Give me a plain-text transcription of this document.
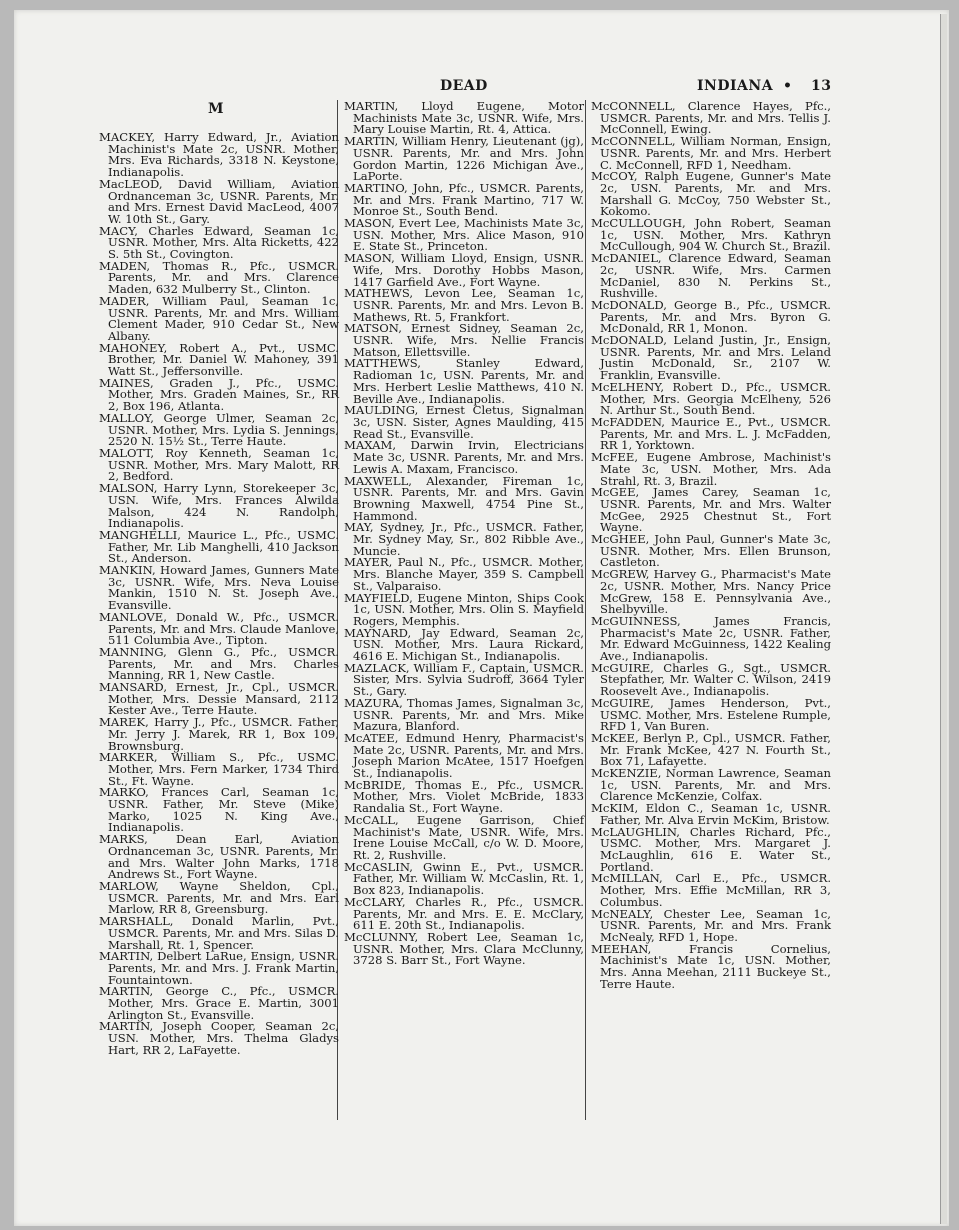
DEAD	INDIANA • 13
M
MACKEY, Harry Edward, Jr., Aviation Machinist's Mate 2c, USNR. Mother, Mrs. Eva Richards, 3318 N. Keystone, Indianapolis.
MacLEOD, David William, Aviation Ordnanceman 3c, USNR. Parents, Mr. and Mrs. Ernest David MacLeod, 4007 W. 10th St., Gary.
MACY, Charles Edward, Seaman 1c, USNR. Mother, Mrs. Alta Ricketts, 422 S. 5th St., Covington.
MADEN, Thomas R., Pfc., USMCR. Parents, Mr. and Mrs. Clarence Maden, 632 Mulberry St., Clinton.
MADER, William Paul, Seaman 1c, USNR. Parents, Mr. and Mrs. William Clement Mader, 910 Cedar St., New Albany.
MAHONEY, Robert A., Pvt., USMC. Brother, Mr. Daniel W. Mahoney, 391 Watt St., Jeffersonville.
MAINES, Graden J., Pfc., USMC. Mother, Mrs. Graden Maines, Sr., RR 2, Box 196, Atlanta.
MALLOY, George Ulmer, Seaman 2c, USNR. Mother, Mrs. Lydia S. Jennings, 2520 N. 15½ St., Terre Haute.
MALOTT, Roy Kenneth, Seaman 1c, USNR. Mother, Mrs. Mary Malott, RR 2, Bedford.
MALSON, Harry Lynn, Storekeeper 3c, USN. Wife, Mrs. Frances Alwilda Malson, 424 N. Randolph, Indianapolis.
MANGHELLI, Maurice L., Pfc., USMC. Father, Mr. Lib Manghelli, 410 Jackson St., Anderson.
MANKIN, Howard James, Gunners Mate 3c, USNR. Wife, Mrs. Neva Louise Mankin, 1510 N. St. Joseph Ave., Evansville.
MANLOVE, Donald W., Pfc., USMCR. Parents, Mr. and Mrs. Claude Manlove, 511 Columbia Ave., Tipton.
MANNING, Glenn G., Pfc., USMCR. Parents, Mr. and Mrs. Charles Manning, RR 1, New Castle.
MANSARD, Ernest, Jr., Cpl., USMCR. Mother, Mrs. Dessie Mansard, 2112 Kester Ave., Terre Haute.
MAREK, Harry J., Pfc., USMCR. Father, Mr. Jerry J. Marek, RR 1, Box 109, Brownsburg.
MARKER, William S., Pfc., USMC. Mother, Mrs. Fern Marker, 1734 Third St., Ft. Wayne.
MARKO, Frances Carl, Seaman 1c, USNR. Father, Mr. Steve (Mike) Marko, 1025 N. King Ave., Indianapolis.
MARKS, Dean Earl, Aviation Ordnanceman 3c, USNR. Parents, Mr. and Mrs. Walter John Marks, 1718 Andrews St., Fort Wayne.
MARLOW, Wayne Sheldon, Cpl., USMCR. Parents, Mr. and Mrs. Earl Marlow, RR 8, Greensburg.
MARSHALL, Donald Marlin, Pvt., USMCR. Parents, Mr. and Mrs. Silas D. Marshall, Rt. 1, Spencer.
MARTIN, Delbert LaRue, Ensign, USNR. Parents, Mr. and Mrs. J. Frank Martin, Fountaintown.
MARTIN, George C., Pfc., USMCR. Mother, Mrs. Grace E. Martin, 3001 Arlington St., Evansville.
MARTIN, Joseph Cooper, Seaman 2c, USN. Mother, Mrs. Thelma Gladys Hart, RR 2, LaFayette.
MARTIN, Lloyd Eugene, Motor Machinists Mate 3c, USNR. Wife, Mrs. Mary Louise Martin, Rt. 4, Attica.
MARTIN, William Henry, Lieutenant (jg), USNR. Parents, Mr. and Mrs. John Gordon Martin, 1226 Michigan Ave., LaPorte.
MARTINO, John, Pfc., USMCR. Parents, Mr. and Mrs. Frank Martino, 717 W. Monroe St., South Bend.
MASON, Evert Lee, Machinists Mate 3c, USN. Mother, Mrs. Alice Mason, 910 E. State St., Princeton.
MASON, William Lloyd, Ensign, USNR. Wife, Mrs. Dorothy Hobbs Mason, 1417 Garfield Ave., Fort Wayne.
MATHEWS, Levon Lee, Seaman 1c, USNR. Parents, Mr. and Mrs. Levon B. Mathews, Rt. 5, Frankfort.
MATSON, Ernest Sidney, Seaman 2c, USNR. Wife, Mrs. Nellie Francis Matson, Ellettsville.
MATTHEWS, Stanley Edward, Radioman 1c, USN. Parents, Mr. and Mrs. Herbert Leslie Matthews, 410 N. Beville Ave., Indianapolis.
MAULDING, Ernest Cletus, Signalman 3c, USN. Sister, Agnes Maulding, 415 Read St., Evansville.
MAXAM, Darwin Irvin, Electricians Mate 3c, USNR. Parents, Mr. and Mrs. Lewis A. Maxam, Francisco.
MAXWELL, Alexander, Fireman 1c, USNR. Parents, Mr. and Mrs. Gavin Browning Maxwell, 4754 Pine St., Hammond.
MAY, Sydney, Jr., Pfc., USMCR. Father, Mr. Sydney May, Sr., 802 Ribble Ave., Muncie.
MAYER, Paul N., Pfc., USMCR. Mother, Mrs. Blanche Mayer, 359 S. Campbell St., Valparaiso.
MAYFIELD, Eugene Minton, Ships Cook 1c, USN. Mother, Mrs. Olin S. Mayfield Rogers, Memphis.
MAYNARD, Jay Edward, Seaman 2c, USN. Mother, Mrs. Laura Rickard, 4616 E. Michigan St., Indianapolis.
MAZLACK, William F., Captain, USMCR. Sister, Mrs. Sylvia Sudroff, 3664 Tyler St., Gary.
MAZURA, Thomas James, Signalman 3c, USNR. Parents, Mr. and Mrs. Mike Mazura, Blanford.
McATEE, Edmund Henry, Pharmacist's Mate 2c, USNR. Parents, Mr. and Mrs. Joseph Marion McAtee, 1517 Hoefgen St., Indianapolis.
McBRIDE, Thomas E., Pfc., USMCR. Mother, Mrs. Violet McBride, 1833 Randalia St., Fort Wayne.
McCALL, Eugene Garrison, Chief Machinist's Mate, USNR. Wife, Mrs. Irene Louise McCall, c/o W. D. Moore, Rt. 2, Rushville.
McCASLIN, Gwinn E., Pvt., USMCR. Father, Mr. William W. McCaslin, Rt. 1, Box 823, Indianapolis.
McCLARY, Charles R., Pfc., USMCR. Parents, Mr. and Mrs. E. E. McClary, 611 E. 20th St., Indianapolis.
McCLUNNY, Robert Lee, Seaman 1c, USNR. Mother, Mrs. Clara McClunny, 3728 S. Barr St., Fort Wayne.
McCONNELL, Clarence Hayes, Pfc., USMCR. Parents, Mr. and Mrs. Tellis J. McConnell, Ewing.
McCONNELL, William Norman, Ensign, USNR. Parents, Mr. and Mrs. Herbert C. McConnell, RFD 1, Needham.
McCOY, Ralph Eugene, Gunner's Mate 2c, USN. Parents, Mr. and Mrs. Marshall G. McCoy, 750 Webster St., Kokomo.
McCULLOUGH, John Robert, Seaman 1c, USN. Mother, Mrs. Kathryn McCullough, 904 W. Church St., Brazil.
McDANIEL, Clarence Edward, Seaman 2c, USNR. Wife, Mrs. Carmen McDaniel, 830 N. Perkins St., Rushville.
McDONALD, George B., Pfc., USMCR. Parents, Mr. and Mrs. Byron G. McDonald, RR 1, Monon.
McDONALD, Leland Justin, Jr., Ensign, USNR. Parents, Mr. and Mrs. Leland Justin McDonald, Sr., 2107 W. Franklin, Evansville.
McELHENY, Robert D., Pfc., USMCR. Mother, Mrs. Georgia McElheny, 526 N. Arthur St., South Bend.
McFADDEN, Maurice E., Pvt., USMCR. Parents, Mr. and Mrs. L. J. McFadden, RR 1, Yorktown.
McFEE, Eugene Ambrose, Machinist's Mate 3c, USN. Mother, Mrs. Ada Strahl, Rt. 3, Brazil.
McGEE, James Carey, Seaman 1c, USNR. Parents, Mr. and Mrs. Walter McGee, 2925 Chestnut St., Fort Wayne.
McGHEE, John Paul, Gunner's Mate 3c, USNR. Mother, Mrs. Ellen Brunson, Castleton.
McGREW, Harvey G., Pharmacist's Mate 2c, USNR. Mother, Mrs. Nancy Price McGrew, 158 E. Pennsylvania Ave., Shelbyville.
McGUINNESS, James Francis, Pharmacist's Mate 2c, USNR. Father, Mr. Edward McGuinness, 1422 Kealing Ave., Indianapolis.
McGUIRE, Charles G., Sgt., USMCR. Stepfather, Mr. Walter C. Wilson, 2419 Roosevelt Ave., Indianapolis.
McGUIRE, James Henderson, Pvt., USMC. Mother, Mrs. Estelene Rumple, RFD 1, Van Buren.
McKEE, Berlyn P., Cpl., USMCR. Father, Mr. Frank McKee, 427 N. Fourth St., Box 71, Lafayette.
McKENZIE, Norman Lawrence, Seaman 1c, USN. Parents, Mr. and Mrs. Clarence McKenzie, Colfax.
McKIM, Eldon C., Seaman 1c, USNR. Father, Mr. Alva Ervin McKim, Bristow.
McLAUGHLIN, Charles Richard, Pfc., USMC. Mother, Mrs. Margaret J. McLaughlin, 616 E. Water St., Portland.
McMILLAN, Carl E., Pfc., USMCR. Mother, Mrs. Effie McMillan, RR 3, Columbus.
McNEALY, Chester Lee, Seaman 1c, USNR. Parents, Mr. and Mrs. Frank McNealy, RFD 1, Hope.
MEEHAN, Francis Cornelius, Machinist's Mate 1c, USN. Mother, Mrs. Anna Meehan, 2111 Buckeye St., Terre Haute.
